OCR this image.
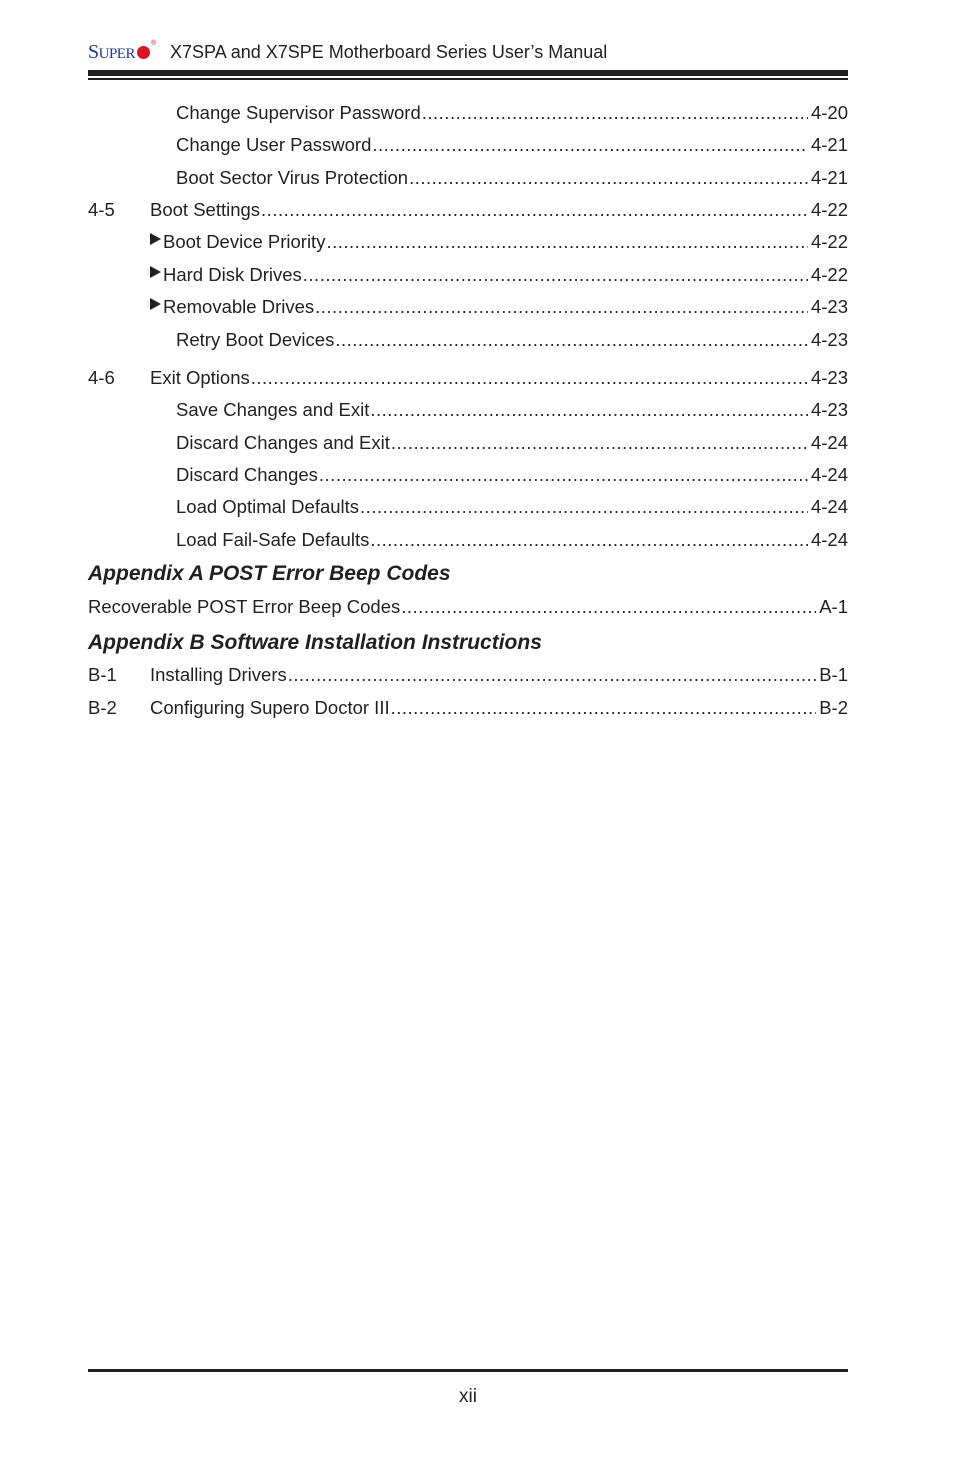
SUPER
® X7SPA and X7SPE Motherboard Series User’s Manual
Change Supervisor Password .....	4-20
Change User Password .....	4-21
Boot Sector Virus Protection .....	4-21
4-5 Boot Settings .....	4-22
Boot Device Priority .....	4-22
Hard Disk Drives .....	4-22
Removable Drives .....	4-23
Retry Boot Devices .....	4-23
4-6 Exit Options .....	4-23
Save Changes and Exit .....	4-23
Discard Changes and Exit .....	4-24
Discard Changes .....	4-24
Load Optimal Defaults .....	4-24
Load Fail-Safe Defaults .....	4-24
Appendix A POST Error Beep Codes
Recoverable POST Error Beep Codes .....	A-1
Appendix B Software Installation Instructions
B-1 Installing Drivers .....	B-1
B-2 Configuring Supero Doctor III .....	B-2
xii
